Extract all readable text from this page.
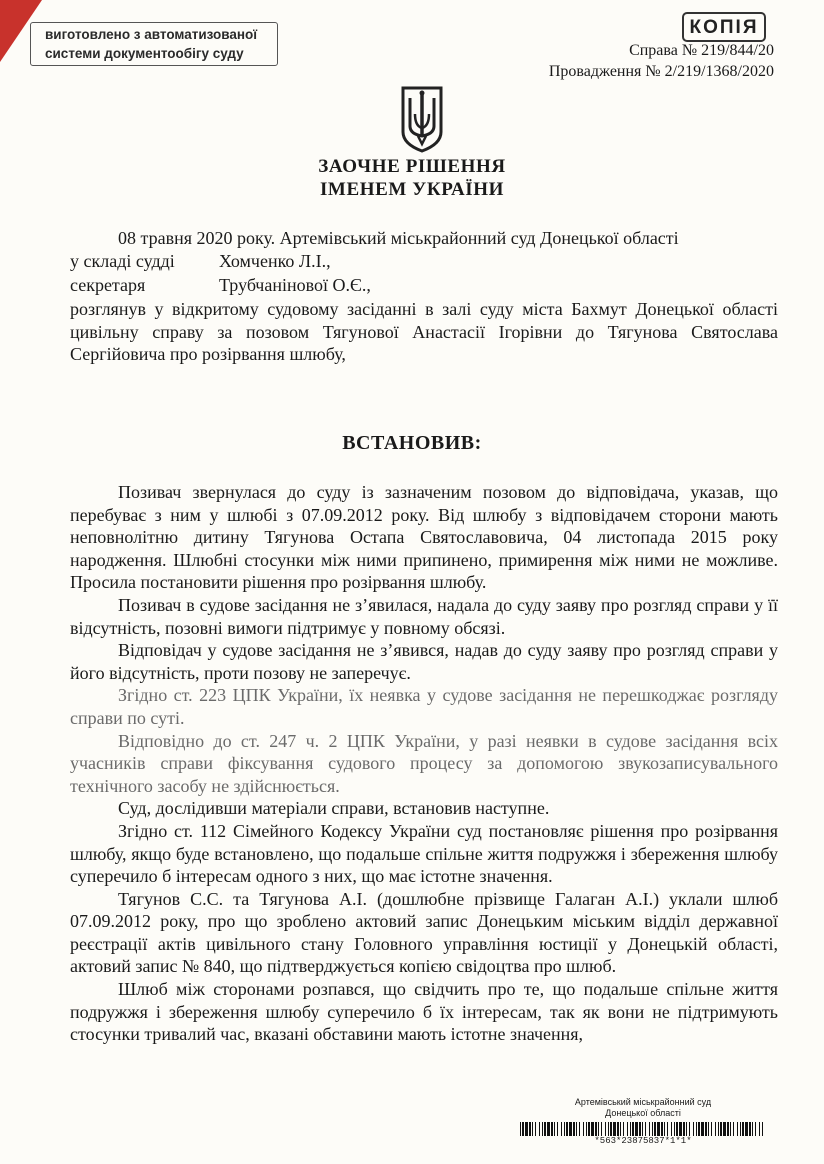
виготовлено з автоматизованої
системи документообігу суду
КОПІЯ
Справа № 219/844/20
Провадження № 2/219/1368/2020
ЗАОЧНЕ РІШЕННЯ
ІМЕНЕМ УКРАЇНИ
08 травня 2020 року. Артемівський міськрайонний суд Донецької області
у складі судді Хомченко Л.І.,
секретаря	Трубчанінової О.Є.,

розглянув у відкритому судовому засіданні в залі суду міста Бахмут Донецької області цивільну справу за позовом Тягунової Анастасії Ігорівни до Тягунова Святослава Сергійовича про розірвання шлюбу,

ВСТАНОВИВ:

Позивач звернулася до суду із зазначеним позовом до відповідача, указав, що перебуває з ним у шлюбі з 07.09.2012 року. Від шлюбу з відповідачем сторони мають неповнолітню дитину Тягунова Остапа Святославовича, 04 листопада 2015 року народження. Шлюбні стосунки між ними припинено, примирення між ними не можливе. Просила постановити рішення про розірвання шлюбу.

Позивач в судове засідання не з’явилася, надала до суду заяву про розгляд справи у її відсутність, позовні вимоги підтримує у повному обсязі.

Відповідач у судове засідання не з’явився, надав до суду заяву про розгляд справи у його відсутність, проти позову не заперечує.

Згідно ст. 223 ЦПК України, їх неявка у судове засідання не перешкоджає розгляду справи по суті.

Відповідно до ст. 247 ч. 2 ЦПК України, у разі неявки в судове засідання всіх учасників справи фіксування судового процесу за допомогою звукозаписувального технічного засобу не здійснюється.

Суд, дослідивши матеріали справи, встановив наступне.

Згідно ст. 112 Сімейного Кодексу України суд постановляє рішення про розірвання шлюбу, якщо буде встановлено, що подальше спільне життя подружжя і збереження шлюбу суперечило б інтересам одного з них, що має істотне значення.

Тягунов С.С. та Тягунова А.І. (дошлюбне прізвище Галаган А.І.) уклали шлюб 07.09.2012 року, про що зроблено актовий запис Донецьким міським відділ державної реєстрації актів цивільного стану Головного управління юстиції у Донецькій області, актовий запис № 840, що підтверджується копією свідоцтва про шлюб.

Шлюб між сторонами розпався, що свідчить про те, що подальше спільне життя подружжя і збереження шлюбу суперечило б їх інтересам, так як вони не підтримують стосунки тривалий час, вказані обставини мають істотне значення,

Артемівський міськрайонний суд
Донецької області
*563*23875837*1*1*
